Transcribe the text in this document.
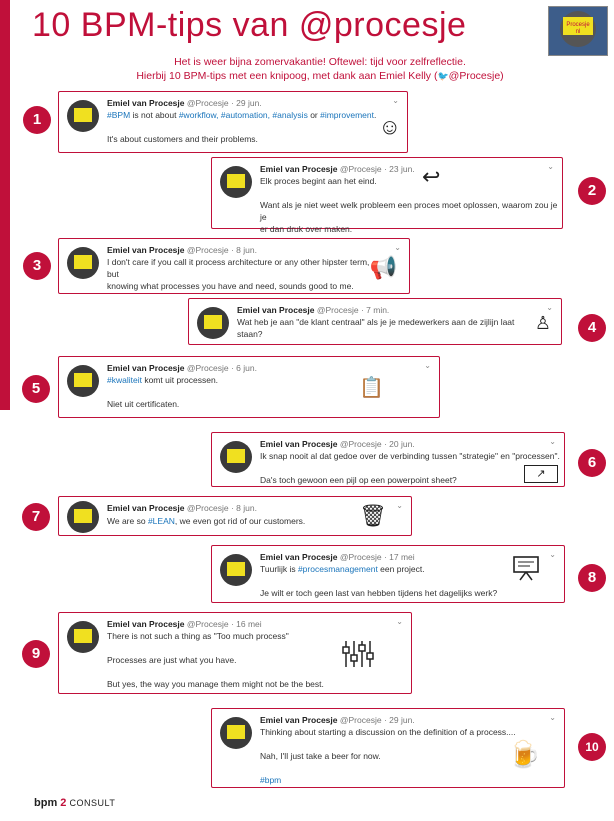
10 BPM-tips van @procesje	Procesje
nl
Het is weer bijna zomervakantie! Oftewel: tijd voor zelfreflectie.
Hierbij 10 BPM-tips met een knipoog, met dank aan Emiel Kelly (🐦@Procesje)
1
Emiel van Procesje @Procesje · 29 jun.	⌄
#BPM is not about #workflow, #automation, #analysis or #improvement.

It's about customers and their problems.	☺
Emiel van Procesje @Procesje · 23 jun.	⌄
Elk proces begint aan het eind.

Want als je niet weet welk probleem een proces moet oplossen, waarom zou je je
er dan druk over maken.
↩
2
3
Emiel van Procesje @Procesje · 8 jun.	⌄
I don't care if you call it process architecture or any other hipster term, but
knowing what processes you have and need, sounds good to me.
📢
Emiel van Procesje @Procesje · 7 min.	⌄
Wat heb je aan "de klant centraal" als je je medewerkers aan de zijlijn laat
staan?
♙	4
5
Emiel van Procesje @Procesje · 6 jun.	⌄
#kwaliteit komt uit processen.

Niet uit certificaten.
📋
Emiel van Procesje @Procesje · 20 jun.	⌄
Ik snap nooit al dat gedoe over de verbinding tussen "strategie" en "processen".

Da's toch gewoon een pijl op een powerpoint sheet?	↗
6
7	Emiel van Procesje @Procesje · 8 jun.	⌄
We are so #LEAN, we even got rid of our customers.	🗑
Emiel van Procesje @Procesje · 17 mei	⌄
Tuurlijk is #procesmanagement een project.

Je wilt er toch geen last van hebben tijdens het dagelijks werk?
8
9
Emiel van Procesje @Procesje · 16 mei	⌄
There is not such a thing as "Too much process"

Processes are just what you have.

But yes, the way you manage them might not be the best.
Emiel van Procesje @Procesje · 29 jun.	⌄
Thinking about starting a discussion on the definition of a process....

Nah, I'll just take a beer for now.

#bpm
🍺	10
bpm 2 CONSULT
